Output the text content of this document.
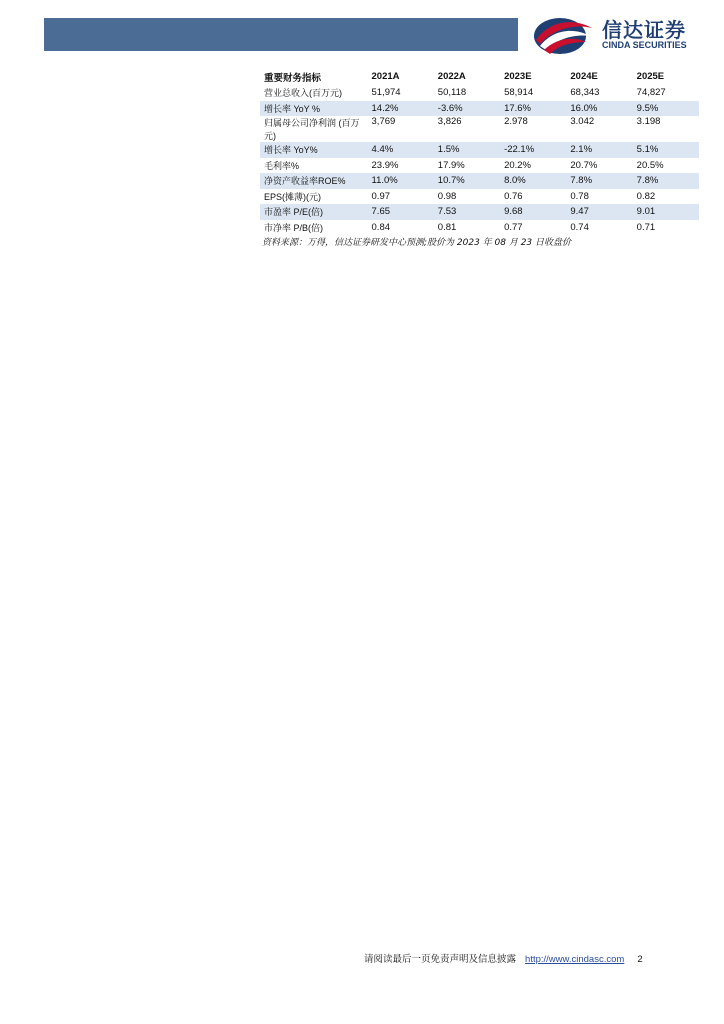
信达证券
CINDA SECURITIES
重要财务指标	2021A	2022A	2023E	2024E	2025E
营业总收入(百万元)	51,974	50,118	58,914	68,343	74,827
增长率 YoY %	14.2%	-3.6%	17.6%	16.0%	9.5%
归属母公司净利润 (百万元)	3,769	3,826	2.978	3.042	3.198
增长率 YoY%	4.4%	1.5%	-22.1%	2.1%	5.1%
毛利率%	23.9%	17.9%	20.2%	20.7%	20.5%
净资产收益率ROE%	11.0%	10.7%	8.0%	7.8%	7.8%
EPS(摊薄)(元)	0.97	0.98	0.76	0.78	0.82
市盈率 P/E(倍)	7.65	7.53	9.68	9.47	9.01
市净率 P/B(倍)	0.84	0.81	0.77	0.74	0.71
资料来源：万得，信达证券研发中心预测;股价为 2023 年 08 月 23 日收盘价
请阅读最后一页免责声明及信息披露 http://www.cindasc.com 2
